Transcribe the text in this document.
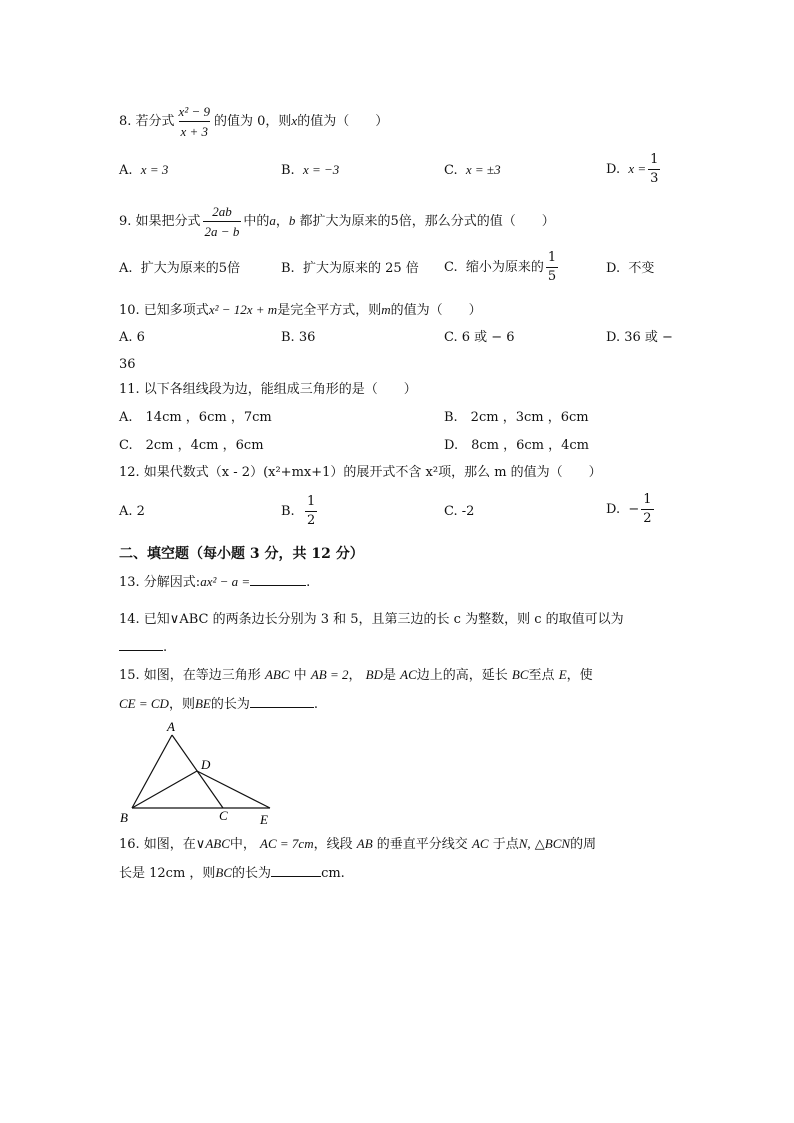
8. 若分式 $\frac{\text{x² − 9}}{x + 3}$ 的值为 0，则x的值为（　　）
A. x = 3	B. x = −3	C. x = ±3	D. $x = \frac{1}{3}$
9. 如果把分式 $\frac{2ab}{2a - b}$ 中的a，b 都扩大为原来的5倍，那么分式的值（　　）
A. 扩大为原来的5倍	B. 扩大为原来的 25 倍 C. 缩小为原来的 $\frac{1}{5}$	D. 不变
10. 已知多项式x² − 12x + m是完全平方式，则m的值为（　　）
A. 6	B. 36	C. 6 或 − 6	D. 36 或 −
36
11. 以下各组线段为边，能组成三角形的是（　　）
A.　14cm ，6cm ，7cm	B.　2cm ，3cm ，6cm
C.　2cm ，4cm ，6cm	D.　8cm ，6cm ，4cm
12. 如果代数式（x - 2）(x²+mx+1）的展开式不含 x²项，那么 m 的值为（　　）
A. 2	B. $\frac{1}{2}$	C. -2	D. − $\frac{1}{2}$
二、填空题（每小题 3 分，共 12 分）
13. 分解因式:ax² − a =	.
14. 已知∨ABC 的两条边长分别为 3 和 5，且第三边的长 c 为整数，则 c 的取值可以为
.
15. 如图，在等边三角形 ABC 中 AB = 2， BD是 AC边上的高，延长 BC至点 E，使
CE = CD，则BE的长为	.
A
D
B	C E
16. 如图，在∨ABC中， AC = 7cm，线段 AB 的垂直平分线交 AC 于点N, △BCN的周
长是 12cm ，则BC的长为	cm.
